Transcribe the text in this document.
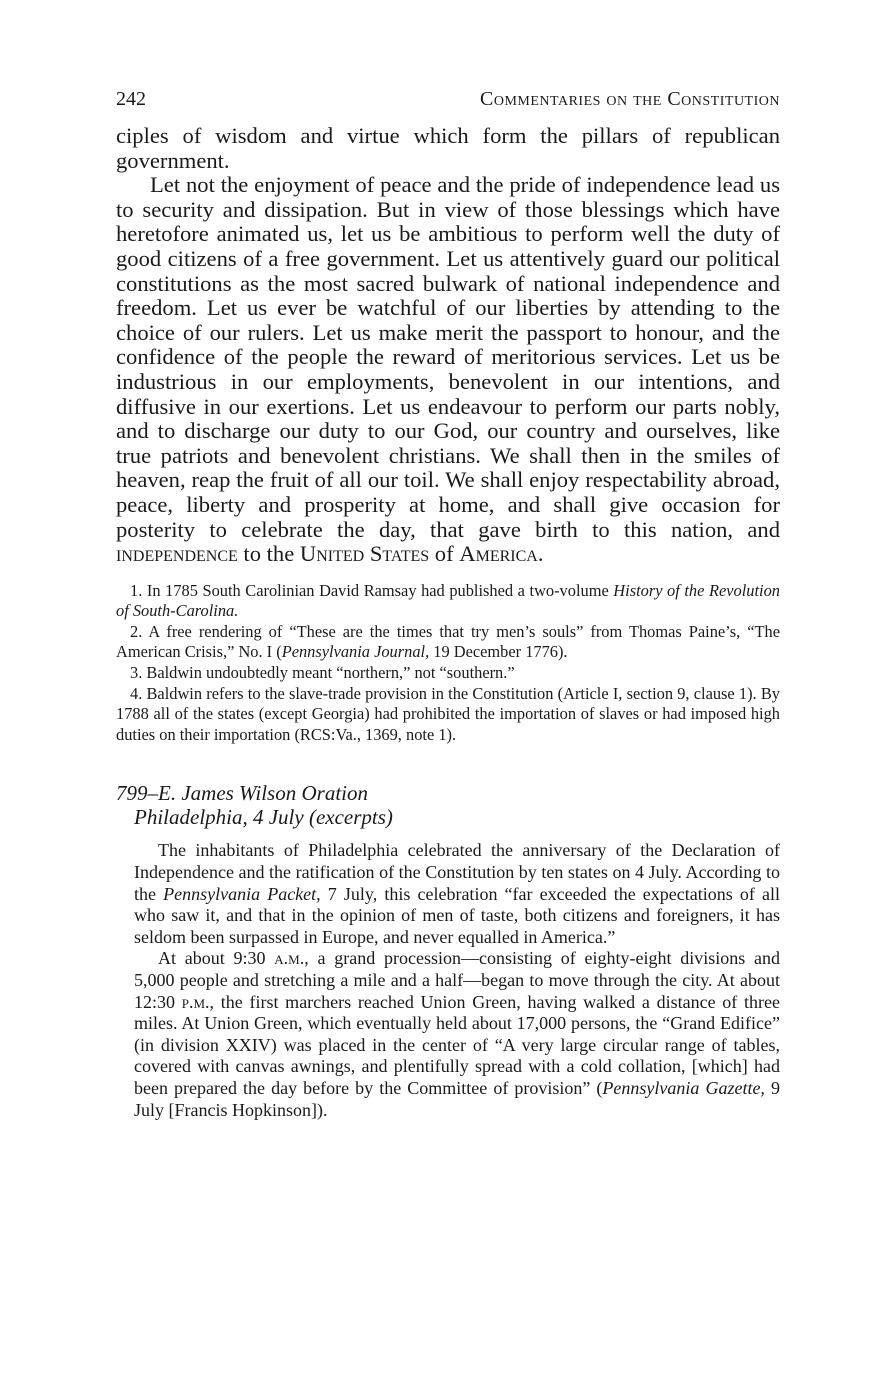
242	Commentaries on the Constitution

ciples of wisdom and virtue which form the pillars of republican government.

Let not the enjoyment of peace and the pride of independence lead us to security and dissipation. But in view of those blessings which have heretofore animated us, let us be ambitious to perform well the duty of good citizens of a free government. Let us attentively guard our political constitutions as the most sacred bulwark of national independence and freedom. Let us ever be watchful of our liberties by attending to the choice of our rulers. Let us make merit the passport to honour, and the confidence of the people the reward of meritorious services. Let us be industrious in our employments, benevolent in our intentions, and diffusive in our exertions. Let us endeavour to perform our parts nobly, and to discharge our duty to our God, our country and ourselves, like true patriots and benevolent christians. We shall then in the smiles of heaven, reap the fruit of all our toil. We shall enjoy respectability abroad, peace, liberty and prosperity at home, and shall give occasion for posterity to celebrate the day, that gave birth to this nation, and independence to the United States of America.

1. In 1785 South Carolinian David Ramsay had published a two-volume History of the Revolution of South-Carolina.

2. A free rendering of “These are the times that try men’s souls” from Thomas Paine’s, “The American Crisis,” No. I (Pennsylvania Journal, 19 December 1776).

3. Baldwin undoubtedly meant “northern,” not “southern.”

4. Baldwin refers to the slave-trade provision in the Constitution (Article I, section 9, clause 1). By 1788 all of the states (except Georgia) had prohibited the importation of slaves or had imposed high duties on their importation (RCS:Va., 1369, note 1).

799–E. James Wilson Oration
Philadelphia, 4 July (excerpts)

The inhabitants of Philadelphia celebrated the anniversary of the Declaration of Independence and the ratification of the Constitution by ten states on 4 July. According to the Pennsylvania Packet, 7 July, this celebration “far exceeded the expectations of all who saw it, and that in the opinion of men of taste, both citizens and foreigners, it has seldom been surpassed in Europe, and never equalled in America.”

At about 9:30 a.m., a grand procession—consisting of eighty-eight divisions and 5,000 people and stretching a mile and a half—began to move through the city. At about 12:30 p.m., the first marchers reached Union Green, having walked a distance of three miles. At Union Green, which eventually held about 17,000 persons, the “Grand Edifice” (in division XXIV) was placed in the center of “A very large circular range of tables, covered with canvas awnings, and plentifully spread with a cold collation, [which] had been prepared the day before by the Committee of provision” (Pennsylvania Gazette, 9 July [Francis Hopkinson]).
